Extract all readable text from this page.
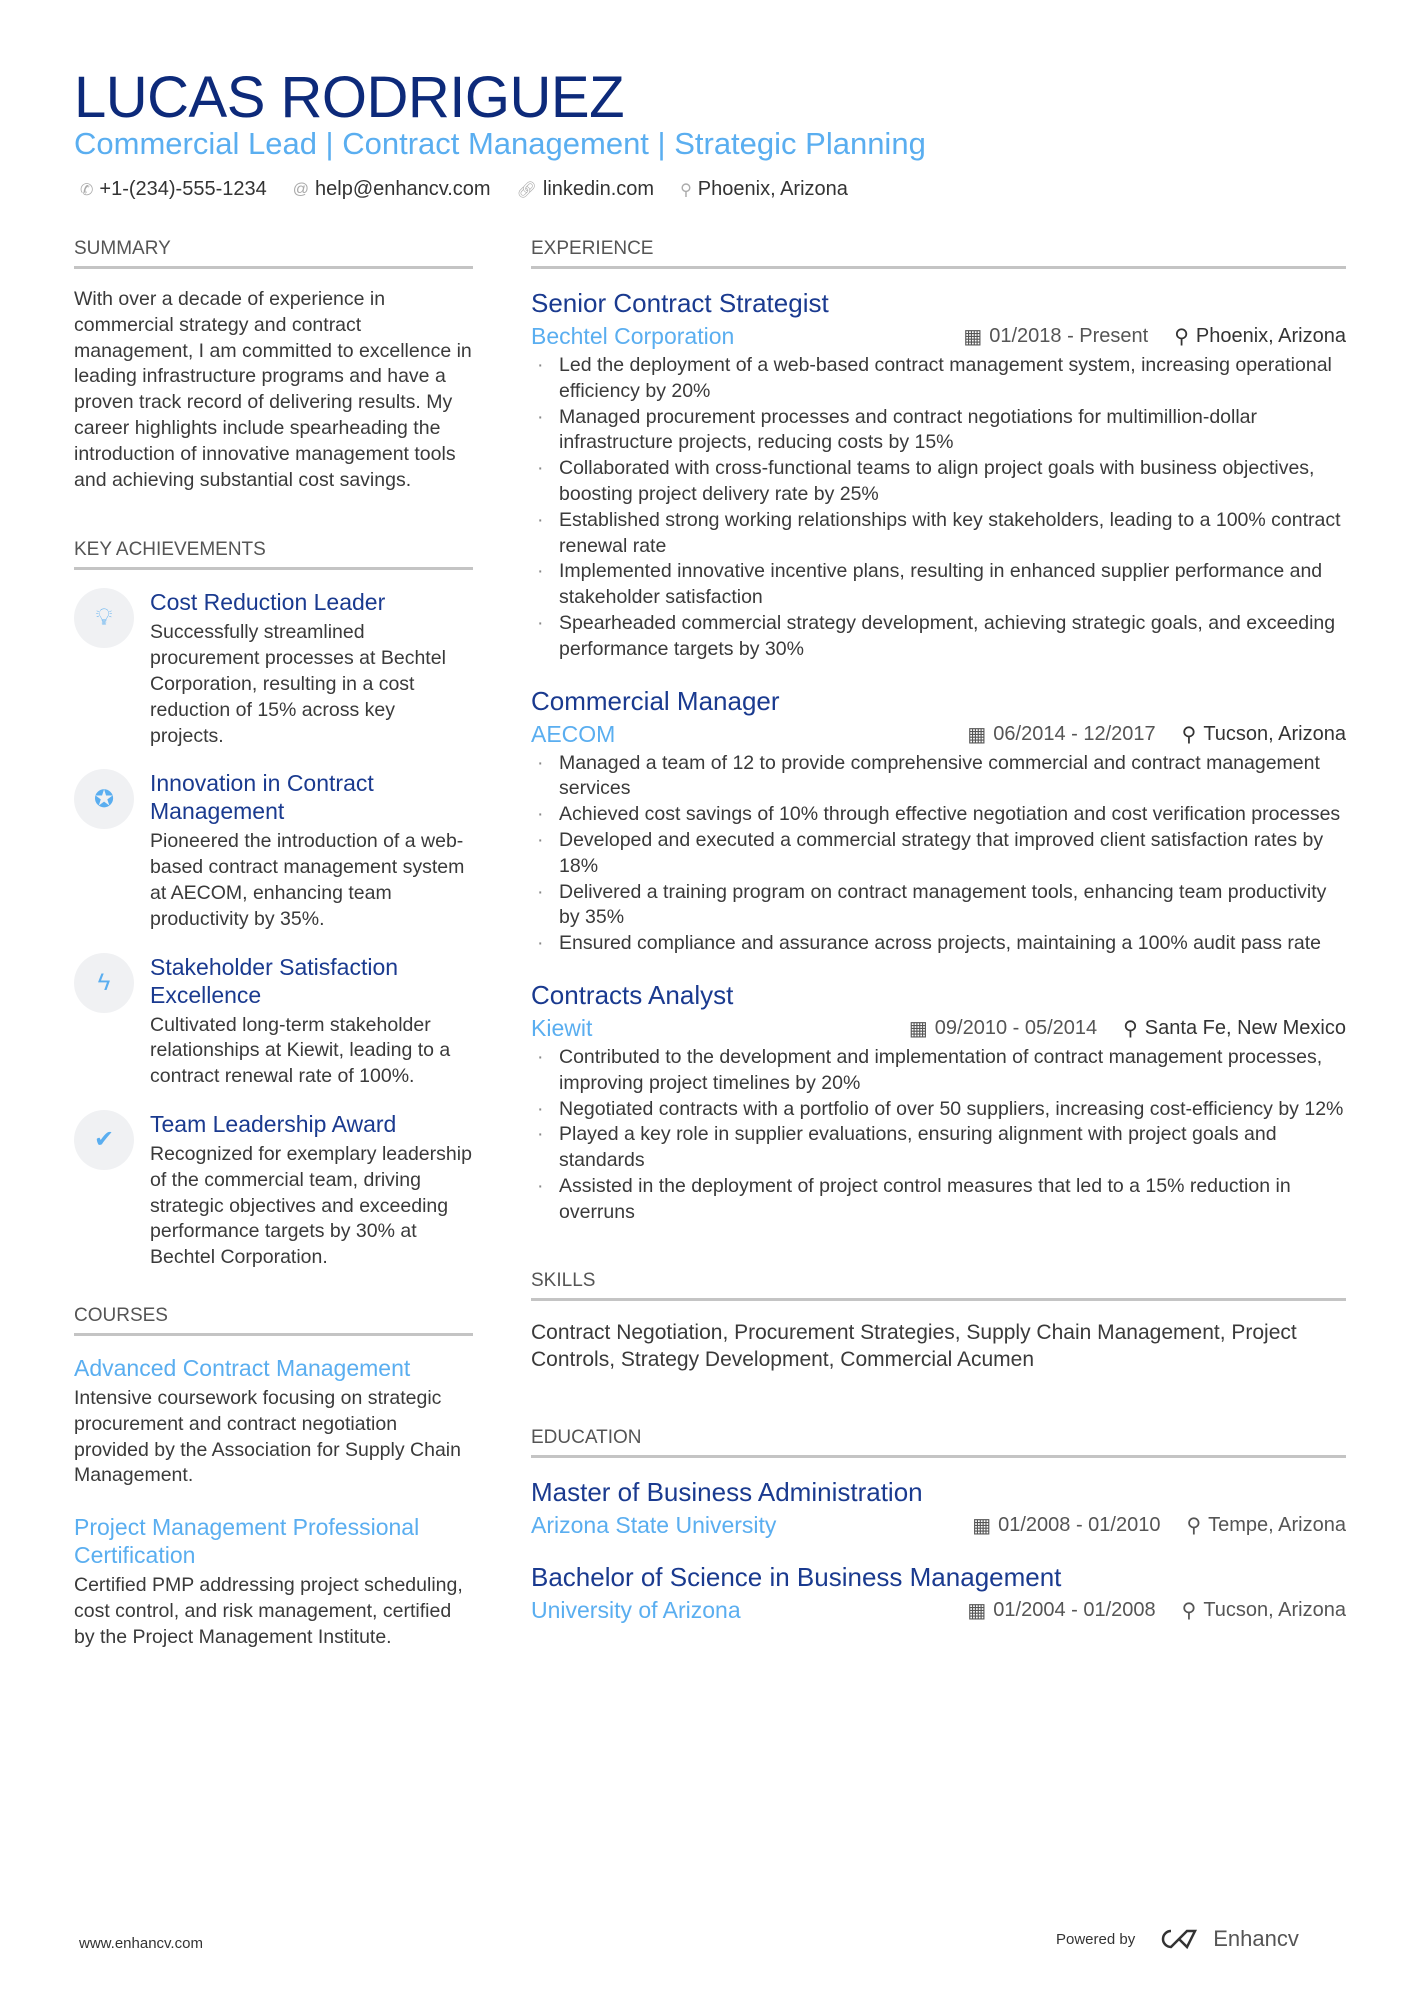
LUCAS RODRIGUEZ
Commercial Lead | Contract Management | Strategic Planning
✆ +1-(234)-555-1234 @ help@enhancv.com 🔗︎ linkedin.com ⚲ Phoenix, Arizona
SUMMARY

With over a decade of experience in commercial strategy and contract management, I am committed to excellence in leading infrastructure programs and have a proven track record of delivering results. My career highlights include spearheading the introduction of innovative management tools and achieving substantial cost savings.

KEY ACHIEVEMENTS
💡︎
Cost Reduction Leader

Successfully streamlined procurement processes at Bechtel Corporation, resulting in a cost reduction of 15% across key projects.

✪
Innovation in Contract Management

Pioneered the introduction of a web-based contract management system at AECOM, enhancing team productivity by 35%.

ϟ
Stakeholder Satisfaction Excellence

Cultivated long-term stakeholder relationships at Kiewit, leading to a contract renewal rate of 100%.

✔
Team Leadership Award

Recognized for exemplary leadership of the commercial team, driving strategic objectives and exceeding performance targets by 30% at Bechtel Corporation.

COURSES
Advanced Contract Management

Intensive coursework focusing on strategic procurement and contract negotiation provided by the Association for Supply Chain Management.

Project Management Professional Certification

Certified PMP addressing project scheduling, cost control, and risk management, certified by the Project Management Institute.

EXPERIENCE
Senior Contract Strategist
Bechtel Corporation	▦ 01/2018 - Present ⚲ Phoenix, Arizona
· Led the deployment of a web-based contract management system, increasing operational efficiency by 20%
· Managed procurement processes and contract negotiations for multimillion-dollar infrastructure projects, reducing costs by 15%
· Collaborated with cross-functional teams to align project goals with business objectives, boosting project delivery rate by 25%
· Established strong working relationships with key stakeholders, leading to a 100% contract renewal rate
· Implemented innovative incentive plans, resulting in enhanced supplier performance and stakeholder satisfaction
· Spearheaded commercial strategy development, achieving strategic goals, and exceeding performance targets by 30%
Commercial Manager
AECOM	▦ 06/2014 - 12/2017 ⚲ Tucson, Arizona
· Managed a team of 12 to provide comprehensive commercial and contract management services
· Achieved cost savings of 10% through effective negotiation and cost verification processes
· Developed and executed a commercial strategy that improved client satisfaction rates by 18%
· Delivered a training program on contract management tools, enhancing team productivity by 35%
· Ensured compliance and assurance across projects, maintaining a 100% audit pass rate
Contracts Analyst
Kiewit	▦ 09/2010 - 05/2014 ⚲ Santa Fe, New Mexico
· Contributed to the development and implementation of contract management processes, improving project timelines by 20%
· Negotiated contracts with a portfolio of over 50 suppliers, increasing cost-efficiency by 12%
· Played a key role in supplier evaluations, ensuring alignment with project goals and standards
· Assisted in the deployment of project control measures that led to a 15% reduction in overruns
SKILLS

Contract Negotiation, Procurement Strategies, Supply Chain Management, Project Controls, Strategy Development, Commercial Acumen

EDUCATION
Master of Business Administration
Arizona State University	▦ 01/2008 - 01/2010 ⚲ Tempe, Arizona
Bachelor of Science in Business Management
University of Arizona	▦ 01/2004 - 01/2008 ⚲ Tucson, Arizona
www.enhancv.com	Powered by	Enhancv
